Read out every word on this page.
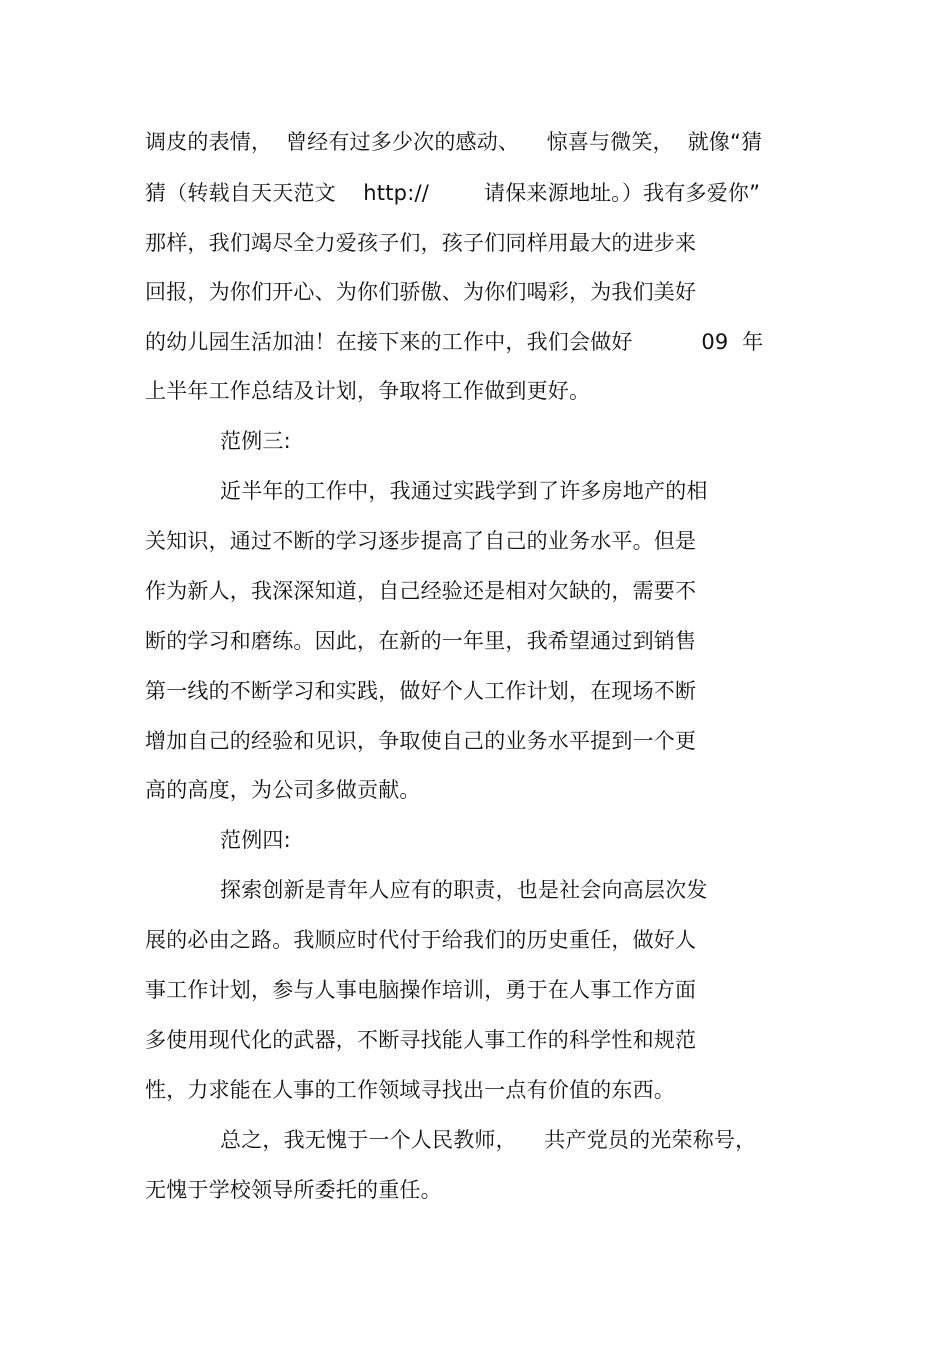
调皮的表情，  曾经有过多少次的感动、    惊喜与微笑，  就像“猜

猜（转载自天天范文    http://        请保来源地址。）我有多爱你”

那样，我们竭尽全力爱孩子们，孩子们同样用最大的进步来

回报，为你们开心、为你们骄傲、为你们喝彩，为我们美好

的幼儿园生活加油！在接下来的工作中，我们会做好          09  年

上半年工作总结及计划，争取将工作做到更好。

范例三:

近半年的工作中，我通过实践学到了许多房地产的相

关知识，通过不断的学习逐步提高了自己的业务水平。但是

作为新人，我深深知道，自己经验还是相对欠缺的，需要不

断的学习和磨练。因此，在新的一年里，我希望通过到销售

第一线的不断学习和实践，做好个人工作计划，在现场不断

增加自己的经验和见识，争取使自己的业务水平提到一个更

高的高度，为公司多做贡献。

范例四:

探索创新是青年人应有的职责，也是社会向高层次发

展的必由之路。我顺应时代付于给我们的历史重任，做好人

事工作计划，参与人事电脑操作培训，勇于在人事工作方面

多使用现代化的武器，不断寻找能人事工作的科学性和规范

性，力求能在人事的工作领域寻找出一点有价值的东西。

总之，我无愧于一个人民教师，    共产党员的光荣称号，

无愧于学校领导所委托的重任。
